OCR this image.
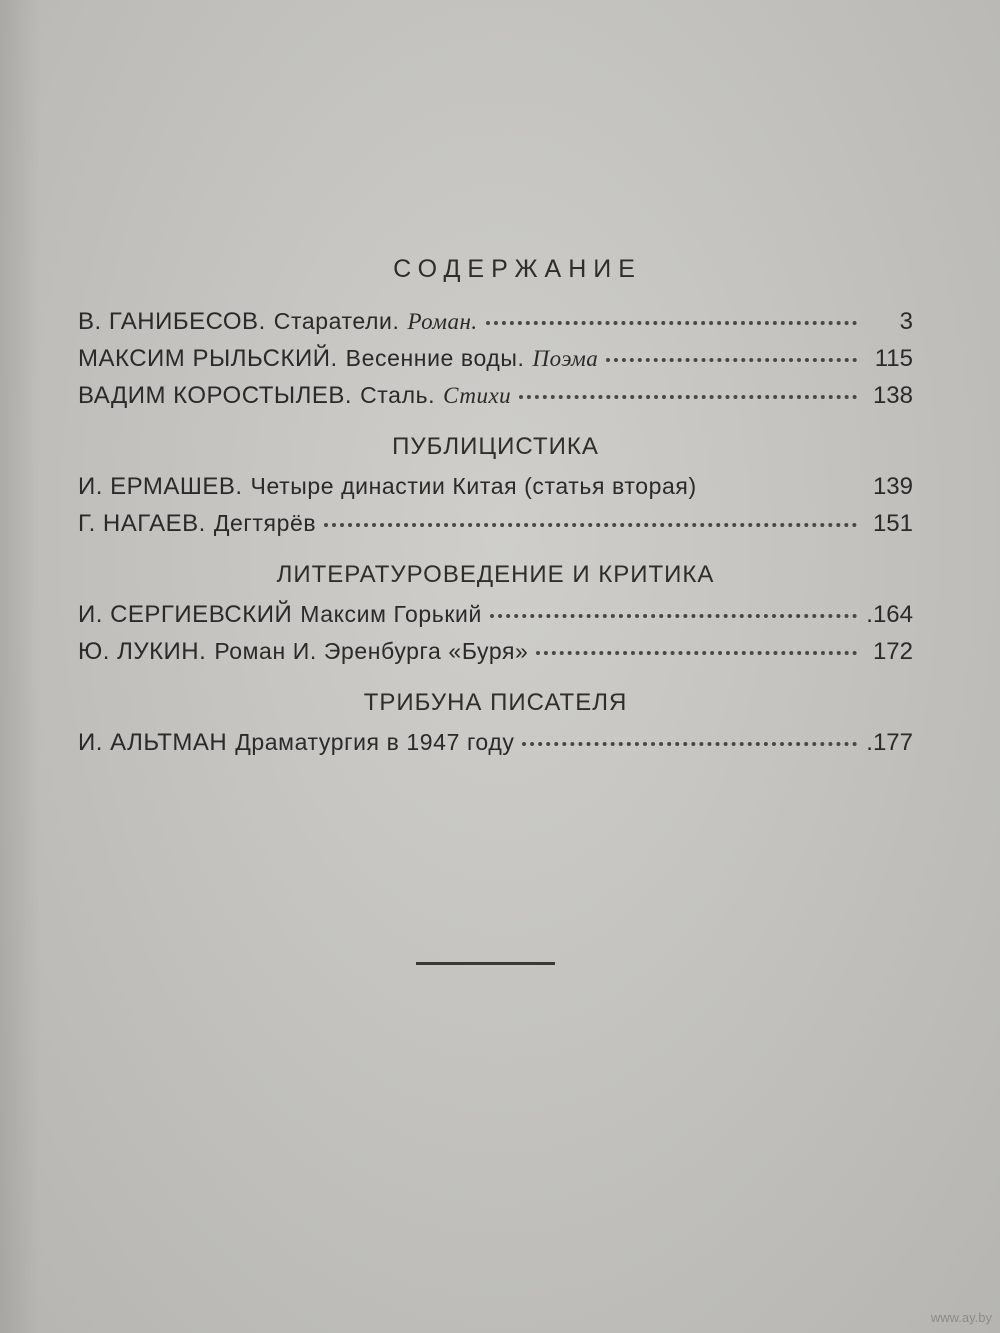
СОДЕРЖАНИЕ
В. ГАНИБЕСОВ. Старатели. Роман.	3
МАКСИМ РЫЛЬСКИЙ. Весенние воды. Поэма	115
ВАДИМ КОРОСТЫЛЕВ. Сталь. Стихи	138
ПУБЛИЦИСТИКА
И. ЕРМАШЕВ. Четыре династии Китая (статья вторая)	139
Г. НАГАЕВ. Дегтярёв	151
ЛИТЕРАТУРОВЕДЕНИЕ И КРИТИКА
И. СЕРГИЕВСКИЙ Максим Горький	.164
Ю. ЛУКИН. Роман И. Эренбурга «Буря»	172
ТРИБУНА ПИСАТЕЛЯ
И. АЛЬТМАН Драматургия в 1947 году	.177
www.ay.by
